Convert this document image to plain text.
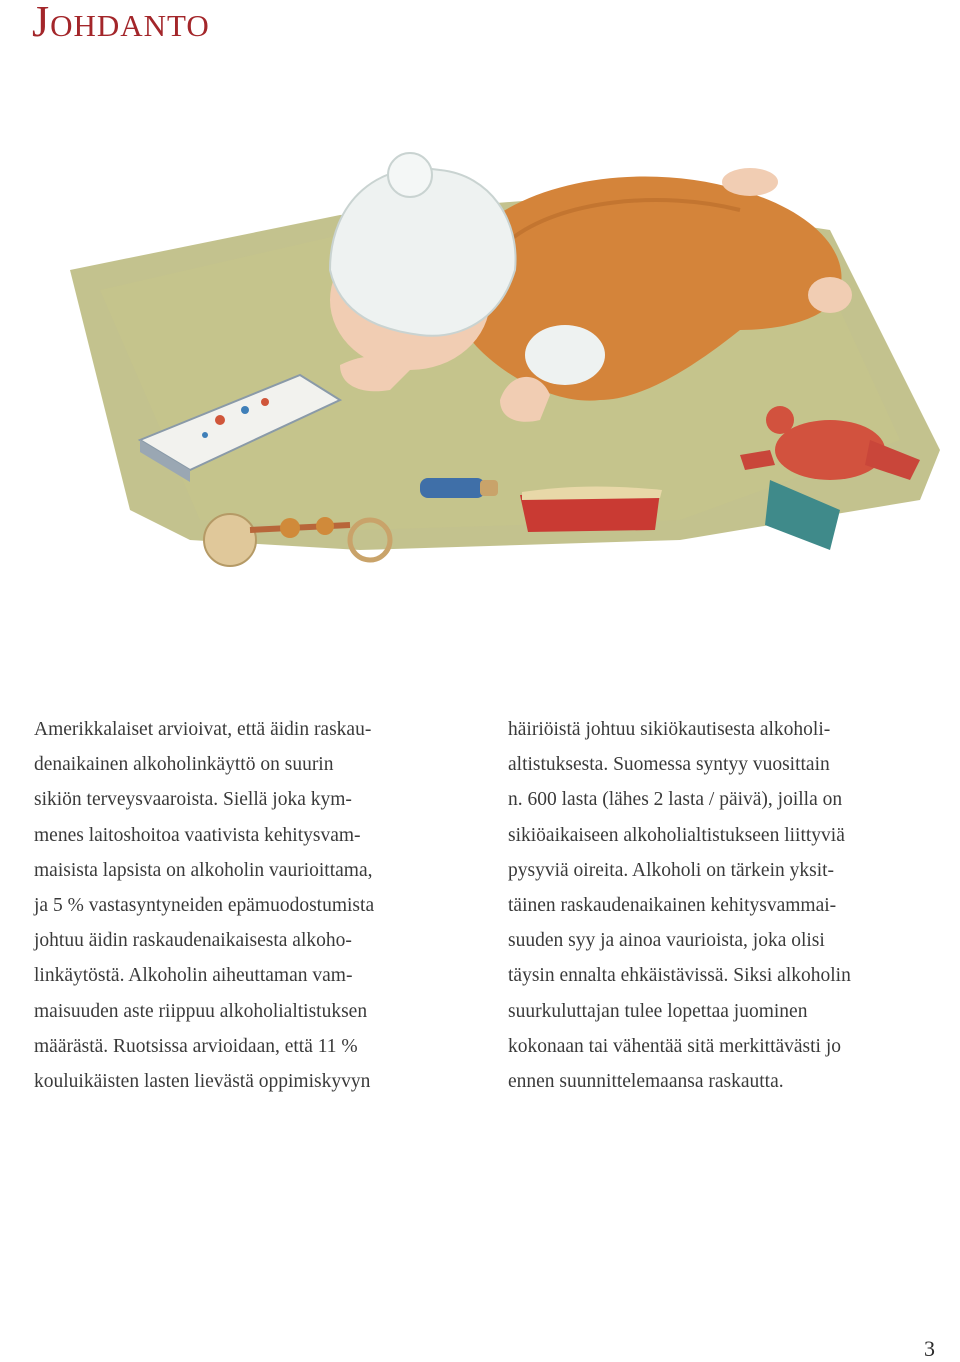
Johdanto
Amerikkalaiset arvioivat, että äidin raskau-
denaikainen alkoholinkäyttö on suurin
sikiön terveysvaaroista. Siellä joka kym-
menes laitoshoitoa vaativista kehitysvam-
maisista lapsista on alkoholin vaurioittama,
ja 5 % vastasyntyneiden epämuodostumista
johtuu äidin raskaudenaikaisesta alkoho-
linkäytöstä. Alkoholin aiheuttaman vam-
maisuuden aste riippuu alkoholialtistuksen
määrästä. Ruotsissa arvioidaan, että 11 %
kouluikäisten lasten lievästä oppimiskyvyn
häiriöistä johtuu sikiökautisesta alkoholi-
altistuksesta. Suomessa syntyy vuosittain
n. 600 lasta (lähes 2 lasta / päivä), joilla on
sikiöaikaiseen alkoholialtistukseen liittyviä
pysyviä oireita. Alkoholi on tärkein yksit-
täinen raskaudenaikainen kehitysvammai-
suuden syy ja ainoa vaurioista, joka olisi
täysin ennalta ehkäistävissä. Siksi alkoholin
suurkuluttajan tulee lopettaa juominen
kokonaan tai vähentää sitä merkittävästi jo
ennen suunnittelemaansa raskautta.
3
